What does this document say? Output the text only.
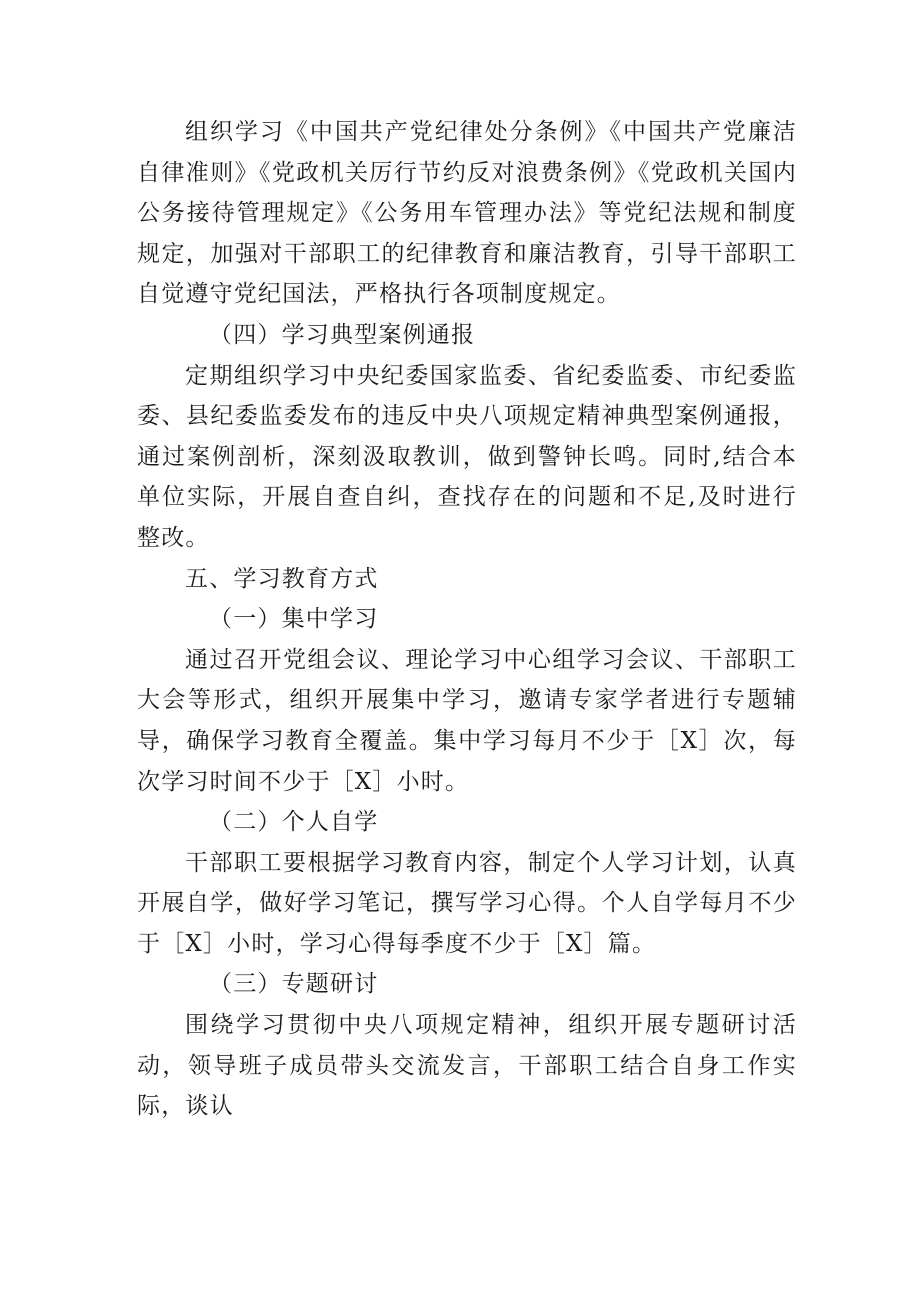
组织学习《中国共产党纪律处分条例》《中国共产党廉洁自律准则》《党政机关厉行节约反对浪费条例》《党政机关国内公务接待管理规定》《公务用车管理办法》等党纪法规和制度规定，加强对干部职工的纪律教育和廉洁教育，引导干部职工自觉遵守党纪国法，严格执行各项制度规定。

（四）学习典型案例通报

定期组织学习中央纪委国家监委、省纪委监委、市纪委监委、县纪委监委发布的违反中央八项规定精神典型案例通报，通过案例剖析，深刻汲取教训，做到警钟长鸣。同时,结合本单位实际，开展自查自纠，查找存在的问题和不足,及时进行整改。

五、学习教育方式

（一）集中学习

通过召开党组会议、理论学习中心组学习会议、干部职工大会等形式，组织开展集中学习，邀请专家学者进行专题辅导，确保学习教育全覆盖。集中学习每月不少于［X］次，每次学习时间不少于［X］小时。

（二）个人自学

干部职工要根据学习教育内容，制定个人学习计划，认真开展自学，做好学习笔记，撰写学习心得。个人自学每月不少于［X］小时，学习心得每季度不少于［X］篇。

（三）专题研讨

围绕学习贯彻中央八项规定精神，组织开展专题研讨活动，领导班子成员带头交流发言，干部职工结合自身工作实际，谈认
